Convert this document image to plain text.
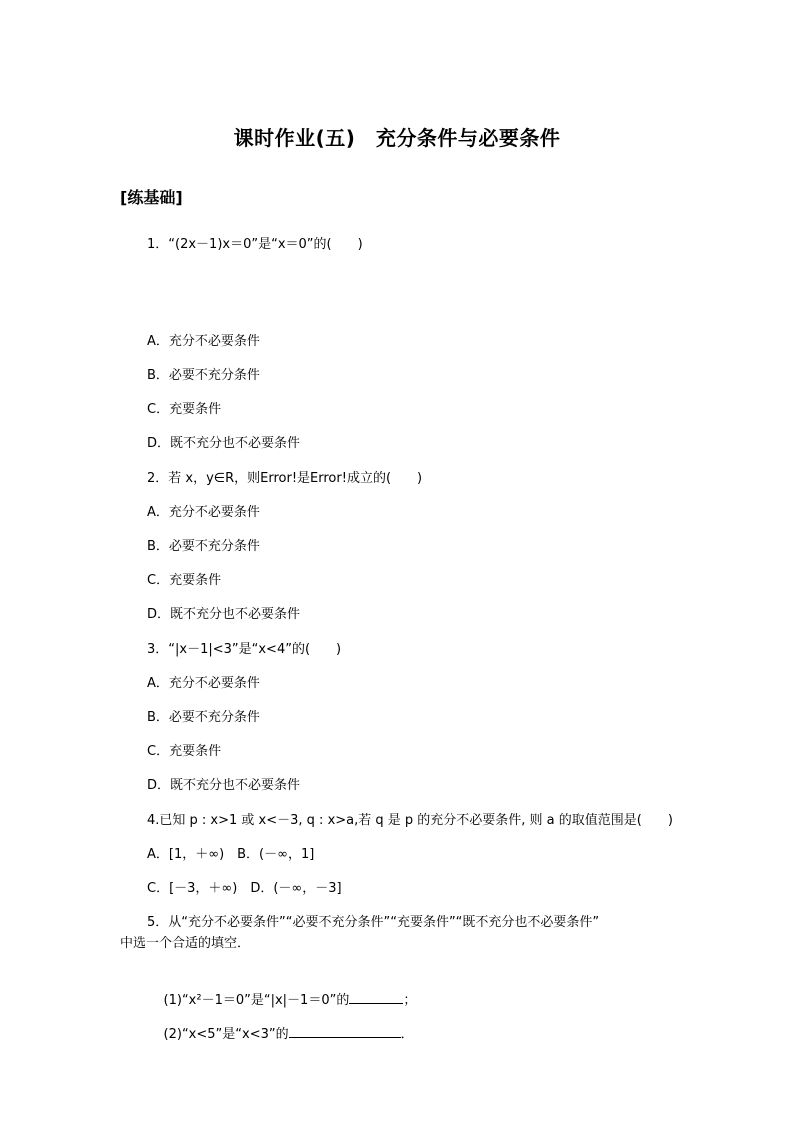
课时作业(五)　充分条件与必要条件
[练基础]
1．“(2x－1)x＝0”是“x＝0”的(　　)
A．充分不必要条件
B．必要不充分条件
C．充要条件
D．既不充分也不必要条件
2．若 x，y∈R，则Error!是Error!成立的(　　)
A．充分不必要条件
B．必要不充分条件
C．充要条件
D．既不充分也不必要条件
3．“|x－1|<3”是“x<4”的(　　)
A．充分不必要条件
B．必要不充分条件
C．充要条件
D．既不充分也不必要条件
4.已知 p : x>1 或 x<－3, q : x>a,若 q 是 p 的充分不必要条件, 则 a 的取值范围是(　　)
A．[1，＋∞)　B．(－∞，1]
C．[－3，＋∞)　D．(－∞，－3]
5．从“充分不必要条件”“必要不充分条件”“充要条件”“既不充分也不必要条件”
中选一个合适的填空．

(1)“x²－1＝0”是“|x|－1＝0”的	；

(2)“x<5”是“x<3”的	．
